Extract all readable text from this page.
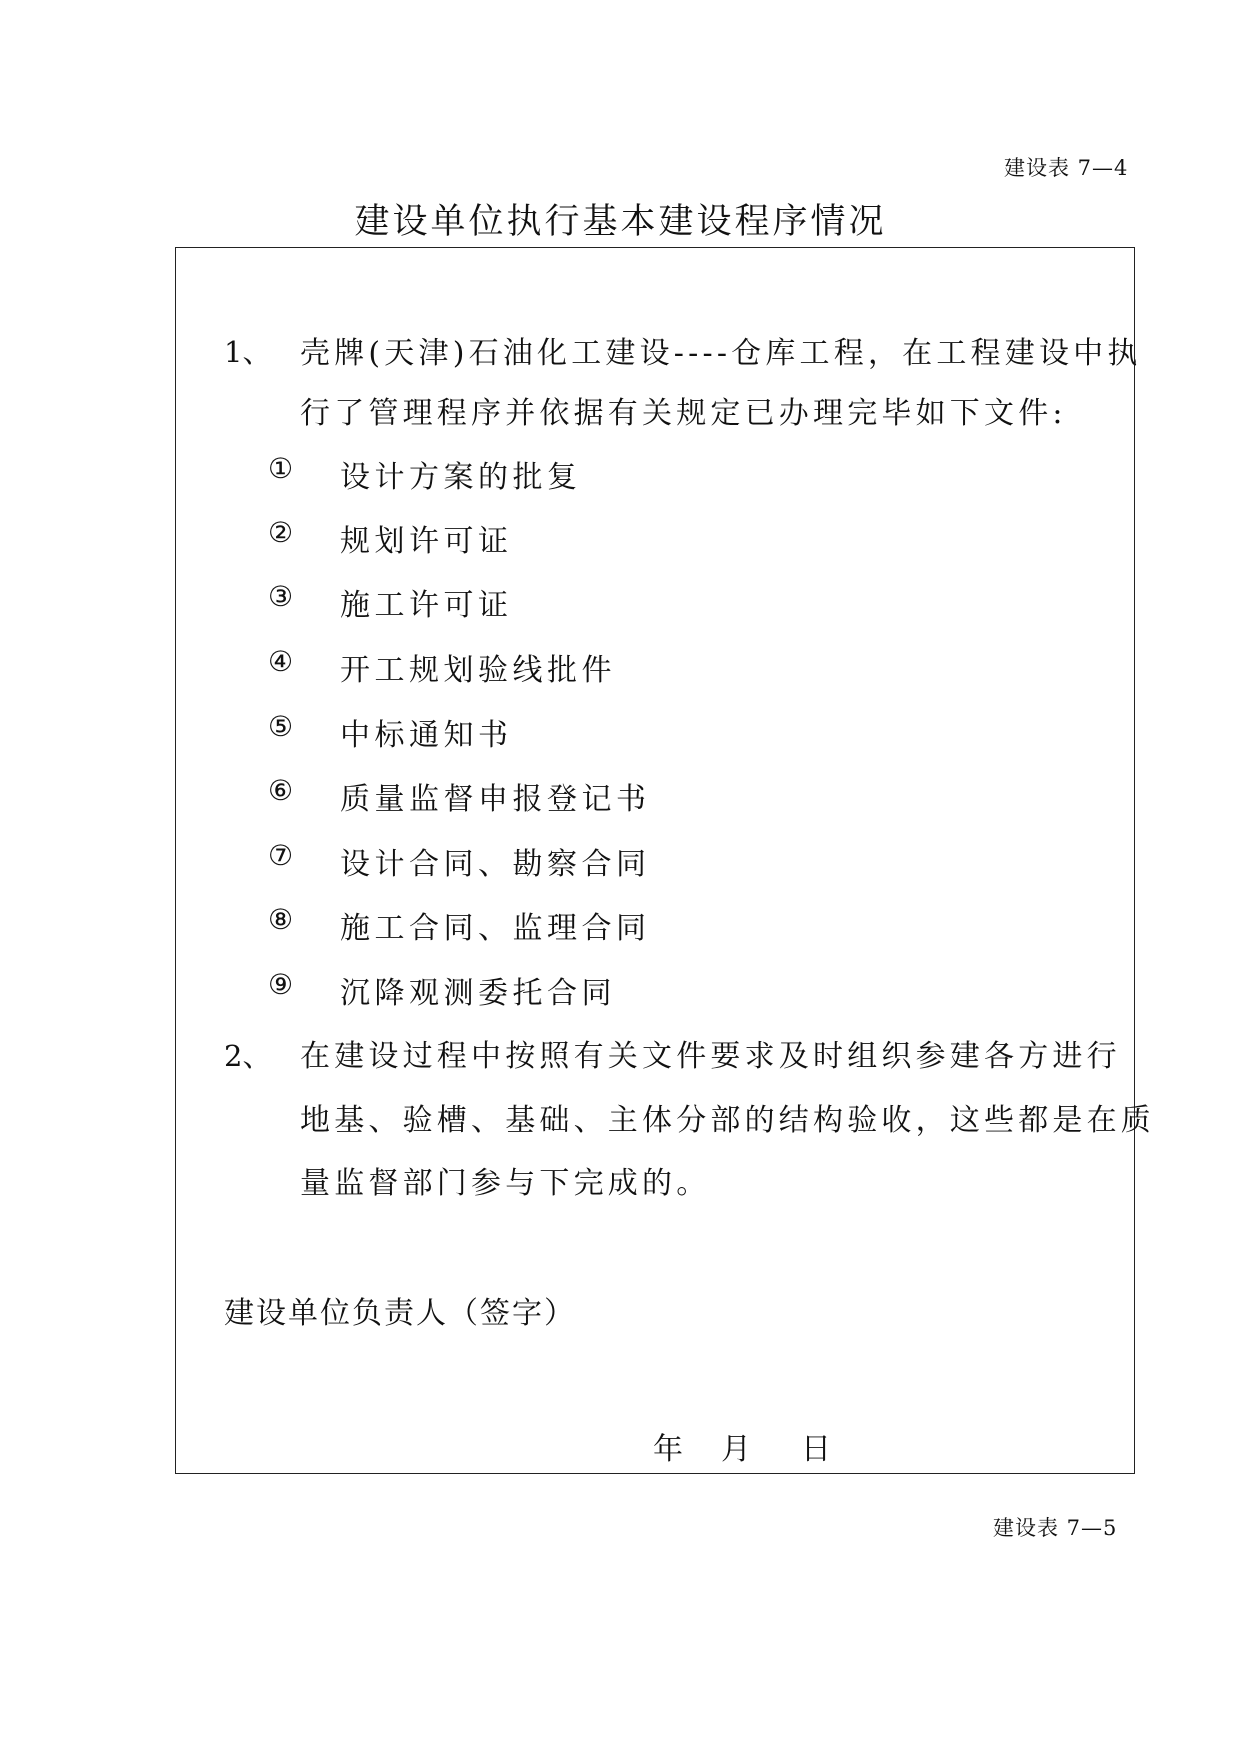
建设表 7—4
建设单位执行基本建设程序情况
1、 壳牌(天津)石油化工建设----仓库工程，在工程建设中执
行了管理程序并依据有关规定已办理完毕如下文件:
① 设计方案的批复
② 规划许可证
③ 施工许可证
④ 开工规划验线批件
⑤ 中标通知书
⑥ 质量监督申报登记书
⑦ 设计合同、勘察合同
⑧ 施工合同、监理合同
⑨ 沉降观测委托合同
2、 在建设过程中按照有关文件要求及时组织参建各方进行
地基、验槽、基础、主体分部的结构验收，这些都是在质
量监督部门参与下完成的。
建设单位负责人（签字）
年 月 日
建设表 7—5
